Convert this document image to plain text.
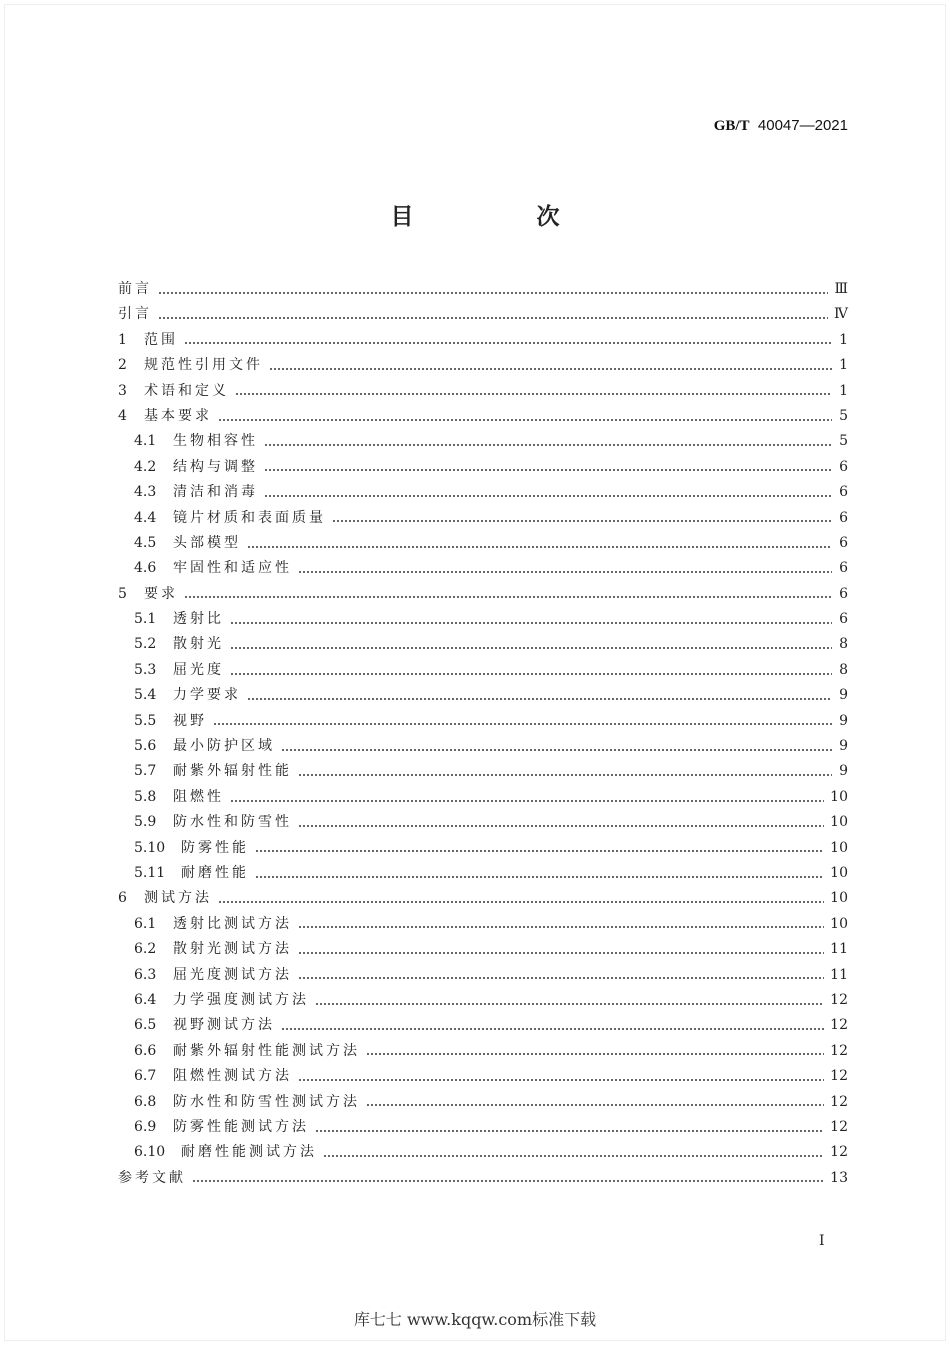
GB/T 40047—2021
目　次
前言	Ⅲ
引言	Ⅳ
1	范围	1
2	规范性引用文件	1
3	术语和定义	1
4	基本要求	5
4.1	生物相容性	5
4.2	结构与调整	6
4.3	清洁和消毒	6
4.4	镜片材质和表面质量	6
4.5	头部模型	6
4.6	牢固性和适应性	6
5	要求	6
5.1	透射比	6
5.2	散射光	8
5.3	屈光度	8
5.4	力学要求	9
5.5	视野	9
5.6	最小防护区域	9
5.7	耐紫外辐射性能	9
5.8	阻燃性	10
5.9	防水性和防雪性	10
5.10	防雾性能	10
5.11	耐磨性能	10
6	测试方法	10
6.1	透射比测试方法	10
6.2	散射光测试方法	11
6.3	屈光度测试方法	11
6.4	力学强度测试方法	12
6.5	视野测试方法	12
6.6	耐紫外辐射性能测试方法	12
6.7	阻燃性测试方法	12
6.8	防水性和防雪性测试方法	12
6.9	防雾性能测试方法	12
6.10	耐磨性能测试方法	12
参考文献	13
I
库七七 www.kqqw.com标准下载
